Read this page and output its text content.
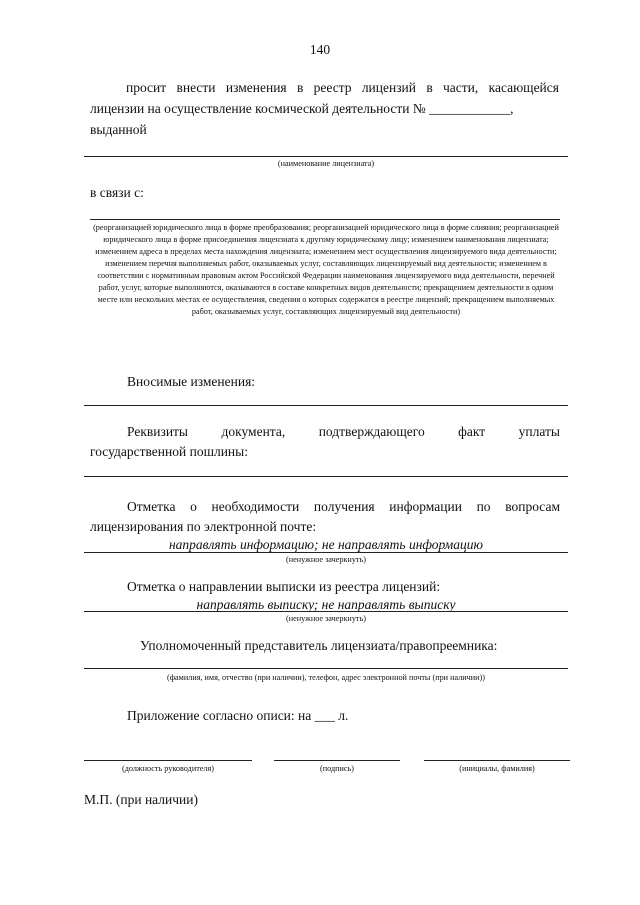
140
просит внести изменения в реестр лицензий в части, касающейся
лицензии на осуществление космической деятельности № ____________,
выданной
(наименование лицензиата)
в связи с:
(реорганизацией юридического лица в форме преобразования; реорганизацией юридического лица в форме слияния; реорганизацией юридического лица в форме присоединения лицензиата к другому юридическому лицу; изменением наименования лицензиата; изменением адреса в пределах места нахождения лицензиата; изменением мест осуществления лицензируемого вида деятельности; изменением перечня выполняемых работ, оказываемых услуг, составляющих лицензируемый вид деятельности; изменением в соответствии с нормативным правовым актом Российской Федерации наименования лицензируемого вида деятельности, перечней работ, услуг, которые выполняются, оказываются в составе конкретных видов деятельности; прекращением деятельности в одном месте или нескольких местах ее осуществления, сведения о которых содержатся в реестре лицензий; прекращением выполняемых работ, оказываемых услуг, составляющих лицензируемый вид деятельности)
Вносимые изменения:
Реквизиты документа, подтверждающего факт уплаты
государственной пошлины:
Отметка о необходимости получения информации по вопросам
лицензирования по электронной почте:
направлять информацию; не направлять информацию
(ненужное зачеркнуть)
Отметка о направлении выписки из реестра лицензий:
направлять выписку; не направлять выписку
(ненужное зачеркнуть)
Уполномоченный представитель лицензиата/правопреемника:
(фамилия, имя, отчество (при наличии), телефон, адрес электронной почты (при наличии))
Приложение согласно описи: на ___ л.
(должность руководителя)	(подпись)	(инициалы, фамилия)
М.П. (при наличии)
